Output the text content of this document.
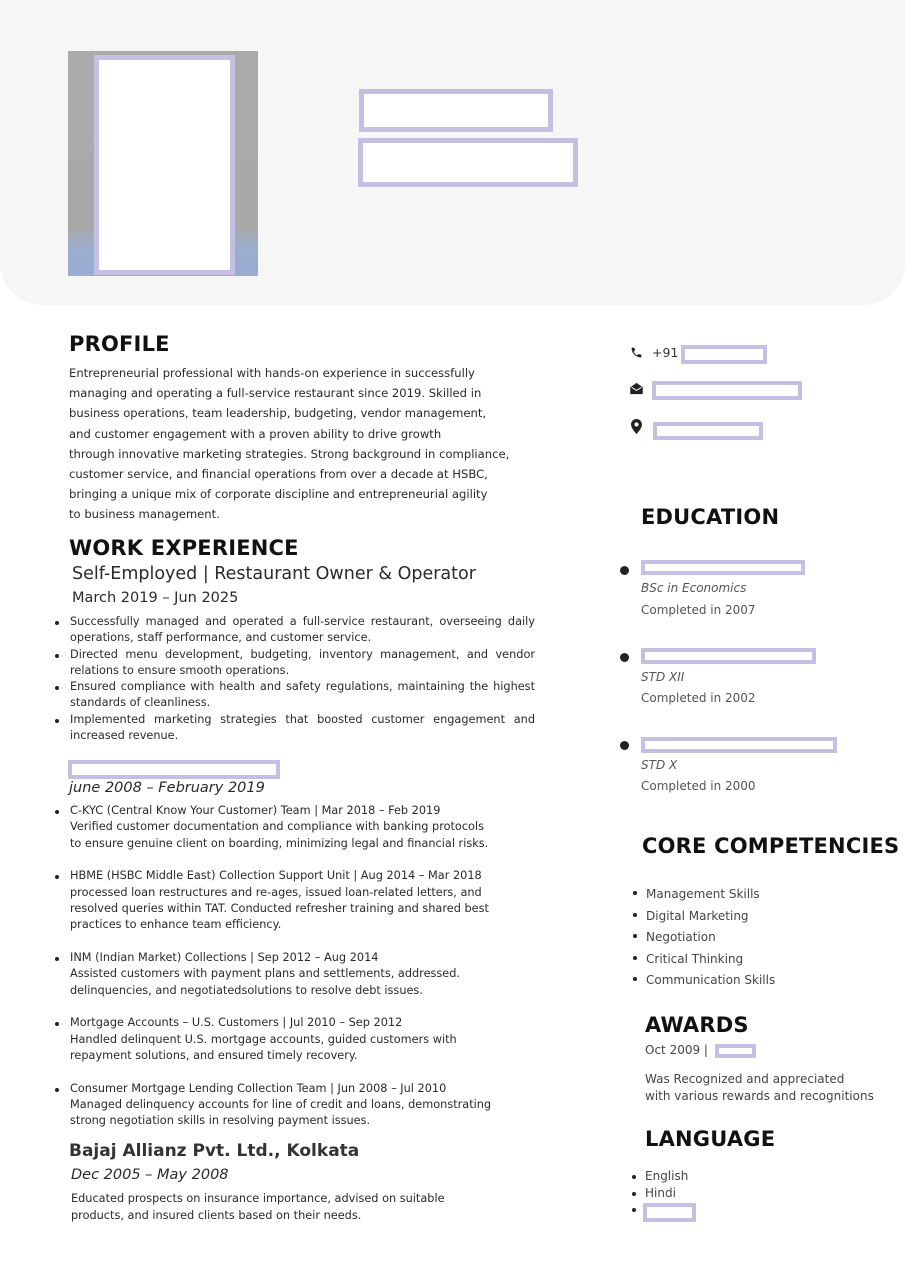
PROFILE
Entrepreneurial professional with hands-on experience in successfully
managing and operating a full-service restaurant since 2019. Skilled in
business operations, team leadership, budgeting, vendor management,
and customer engagement with a proven ability to drive growth
through innovative marketing strategies. Strong background in compliance,
customer service, and financial operations from over a decade at HSBC,
bringing a unique mix of corporate discipline and entrepreneurial agility
to business management.
WORK EXPERIENCE
Self-Employed | Restaurant Owner & Operator
March 2019 – Jun 2025
Successfully managed and operated a full-service restaurant, overseeing daily operations, staff performance, and customer service.
Directed menu development, budgeting, inventory management, and vendor relations to ensure smooth operations.
Ensured compliance with health and safety regulations, maintaining the highest standards of cleanliness.
Implemented marketing strategies that boosted customer engagement and increased revenue.
june 2008 – February 2019
C-KYC (Central Know Your Customer) Team | Mar 2018 – Feb 2019
Verified customer documentation and compliance with banking protocols
to ensure genuine client on boarding, minimizing legal and financial risks.
HBME (HSBC Middle East) Collection Support Unit | Aug 2014 – Mar 2018
processed loan restructures and re-ages, issued loan-related letters, and
resolved queries within TAT. Conducted refresher training and shared best
practices to enhance team efficiency.
INM (Indian Market) Collections | Sep 2012 – Aug 2014
Assisted customers with payment plans and settlements, addressed.
delinquencies, and negotiatedsolutions to resolve debt issues.
Mortgage Accounts – U.S. Customers | Jul 2010 – Sep 2012
Handled delinquent U.S. mortgage accounts, guided customers with
repayment solutions, and ensured timely recovery.
Consumer Mortgage Lending Collection Team | Jun 2008 – Jul 2010
Managed delinquency accounts for line of credit and loans, demonstrating
strong negotiation skills in resolving payment issues.
Bajaj Allianz Pvt. Ltd., Kolkata
Dec 2005 – May 2008
Educated prospects on insurance importance, advised on suitable
products, and insured clients based on their needs.
+91
EDUCATION
BSc in Economics
Completed in 2007
STD XII
Completed in 2002
STD X
Completed in 2000
CORE COMPETENCIES
Management Skills
Digital Marketing
Negotiation
Critical Thinking
Communication Skills
AWARDS
Oct 2009 |
Was Recognized and appreciated
with various rewards and recognitions
LANGUAGE
English
Hindi
